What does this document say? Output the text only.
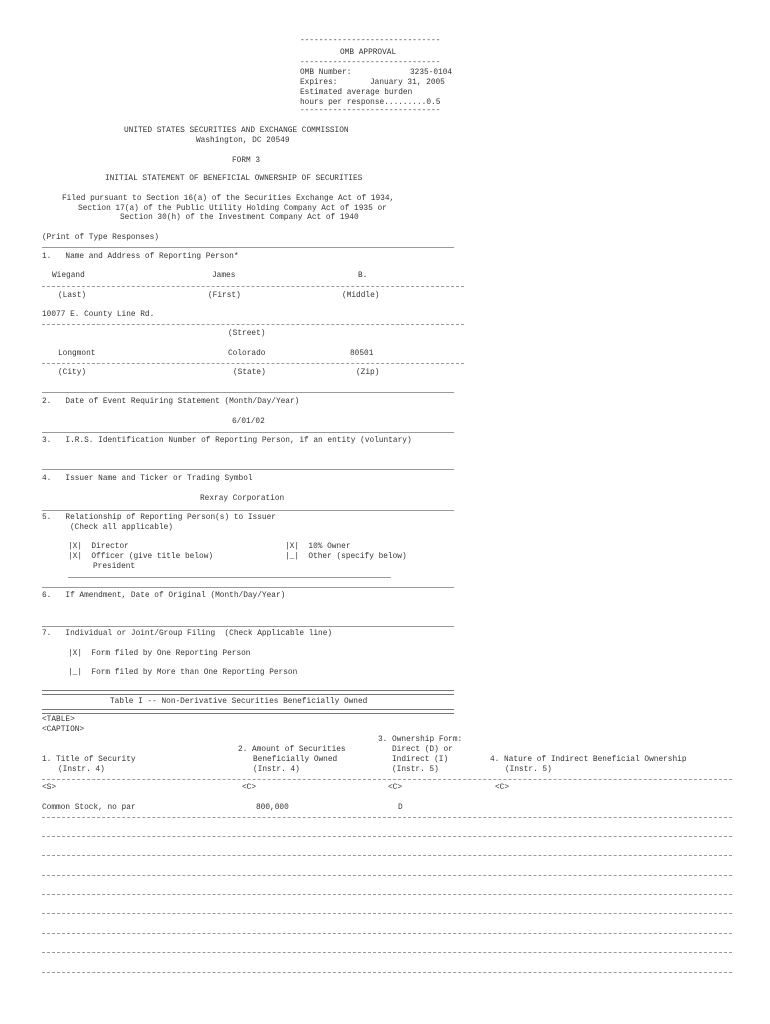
------------------------------
OMB APPROVAL
------------------------------
OMB Number:	3235-0104
Expires:	January 31, 2005
Estimated average burden
hours per response.........0.5
------------------------------
UNITED STATES SECURITIES AND EXCHANGE COMMISSION
Washington, DC 20549
FORM 3
INITIAL STATEMENT OF BENEFICIAL OWNERSHIP OF SECURITIES
Filed pursuant to Section 16(a) of the Securities Exchange Act of 1934,
Section 17(a) of the Public Utility Holding Company Act of 1935 or
Section 30(h) of the Investment Company Act of 1940
(Print of Type Responses)
1.   Name and Address of Reporting Person*
Wiegand	James	B.
(Last)	(First)	(Middle)
10077 E. County Line Rd.
(Street)
Longmont	Colorado	80501
(City)	(State)	(Zip)
2.   Date of Event Requiring Statement (Month/Day/Year)
6/01/02
3.   I.R.S. Identification Number of Reporting Person, if an entity (voluntary)
4.   Issuer Name and Ticker or Trading Symbol
Rexray Corporation
5.   Relationship of Reporting Person(s) to Issuer
(Check all applicable)
|X|  Director
|X|  Officer (give title below)
President
|X|  10% Owner
|_|  Other (specify below)
6.   If Amendment, Date of Original (Month/Day/Year)
7.   Individual or Joint/Group Filing  (Check Applicable line)
|X|  Form filed by One Reporting Person
|_|  Form filed by More than One Reporting Person
Table I -- Non-Derivative Securities Beneficially Owned
<TABLE>
<CAPTION>
3. Ownership Form:
2. Amount of Securities	Direct (D) or
1. Title of Security	Beneficially Owned	Indirect (I)	4. Nature of Indirect Beneficial Ownership
(Instr. 4)	(Instr. 4)	(Instr. 5)	(Instr. 5)
<S>	<C>	<C>	<C>
Common Stock, no par	800,000	D
